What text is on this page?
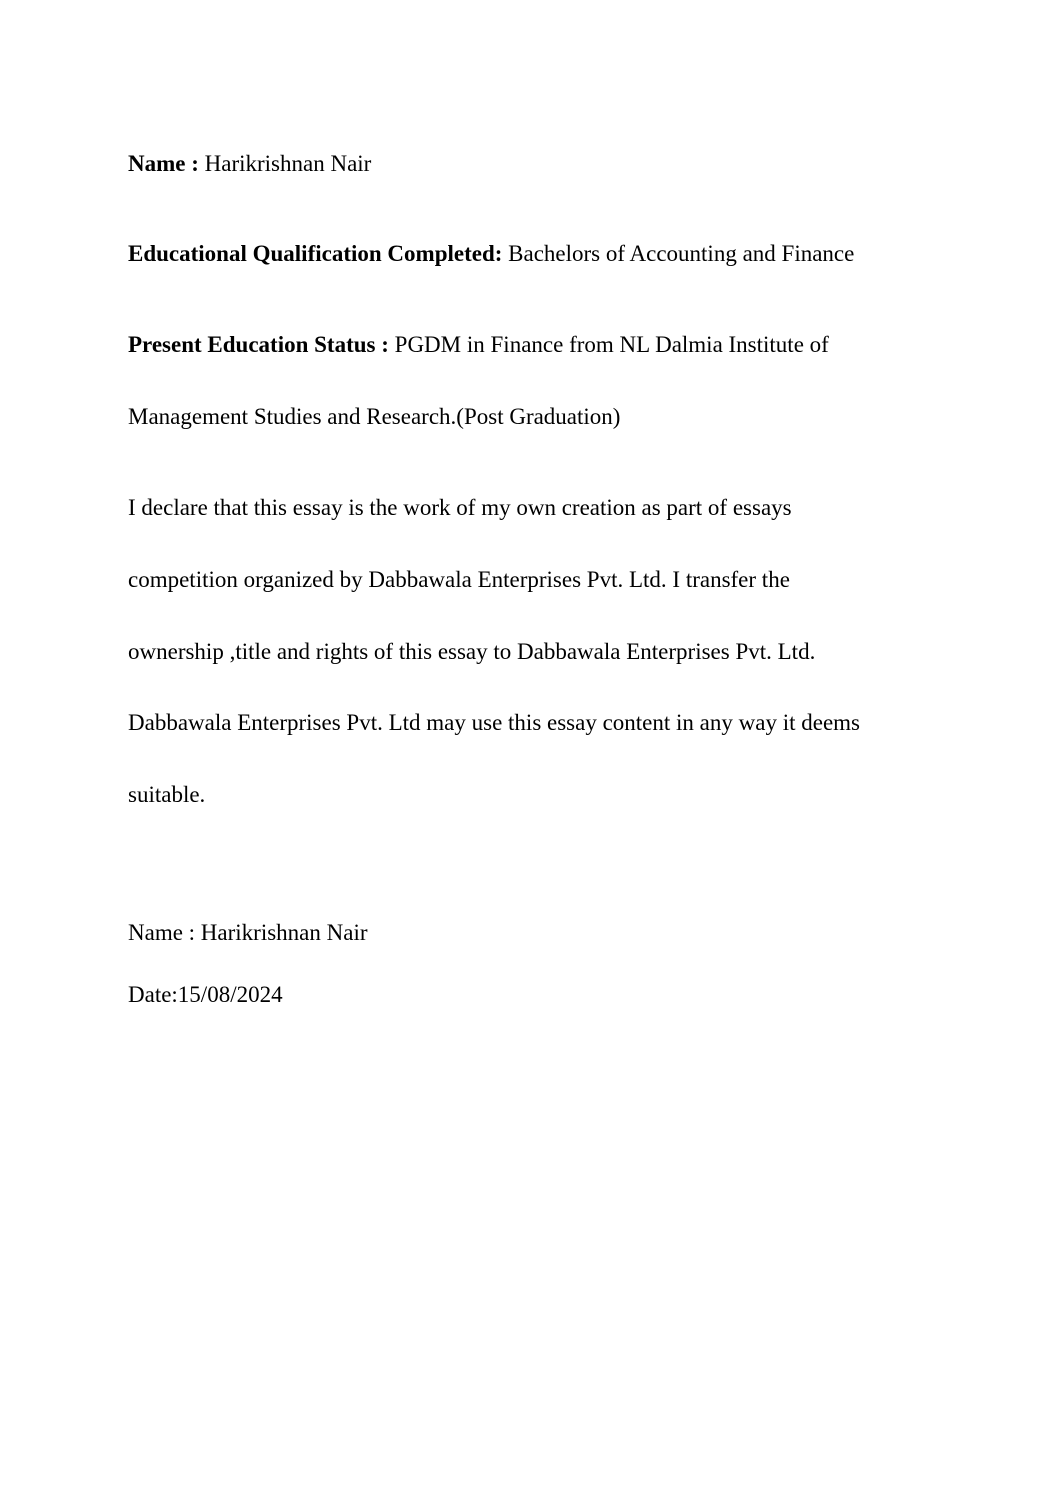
Name : Harikrishnan Nair

Educational Qualification Completed: Bachelors of Accounting and Finance

Present Education Status : PGDM in Finance from NL Dalmia Institute of

Management Studies and Research.(Post Graduation)

I declare that this essay is the work of my own creation as part of essays

competition organized by Dabbawala Enterprises Pvt. Ltd. I transfer the

ownership ,title and rights of this essay to Dabbawala Enterprises Pvt. Ltd.

Dabbawala Enterprises Pvt. Ltd may use this essay content in any way it deems

suitable.

Name : Harikrishnan Nair

Date:15/08/2024
